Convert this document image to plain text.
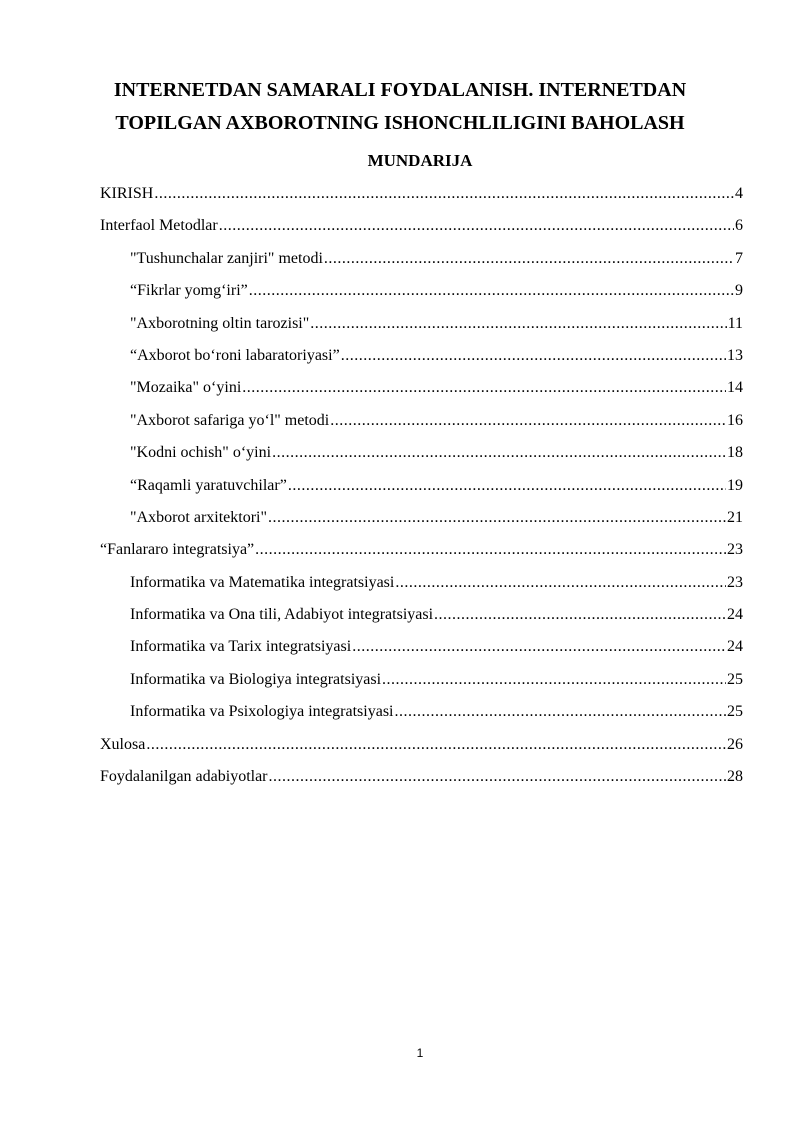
INTERNETDAN SAMARALI FOYDALANISH. INTERNETDAN
TOPILGAN AXBOROTNING ISHONCHLILIGINI BAHOLASH
MUNDARIJA
KIRISH .....	4
Interfaol Metodlar .....	6
"Tushunchalar zanjiri" metodi .....	7
“Fikrlar yomg‘iri” .....	9
"Axborotning oltin tarozisi" .....	11
“Axborot bo‘roni labaratoriyasi” .....	13
"Mozaika" o‘yini .....	14
"Axborot safariga yo‘l" metodi .....	16
"Kodni ochish" o‘yini .....	18
“Raqamli yaratuvchilar” .....	19
"Axborot arxitektori" .....	21
“Fanlararo integratsiya” .....	23
Informatika va Matematika integratsiyasi .....	23
Informatika va Ona tili, Adabiyot integratsiyasi .....	24
Informatika va Tarix integratsiyasi .....	24
Informatika va Biologiya integratsiyasi .....	25
Informatika va Psixologiya integratsiyasi .....	25
Xulosa .....	26
Foydalanilgan adabiyotlar .....	28
1
